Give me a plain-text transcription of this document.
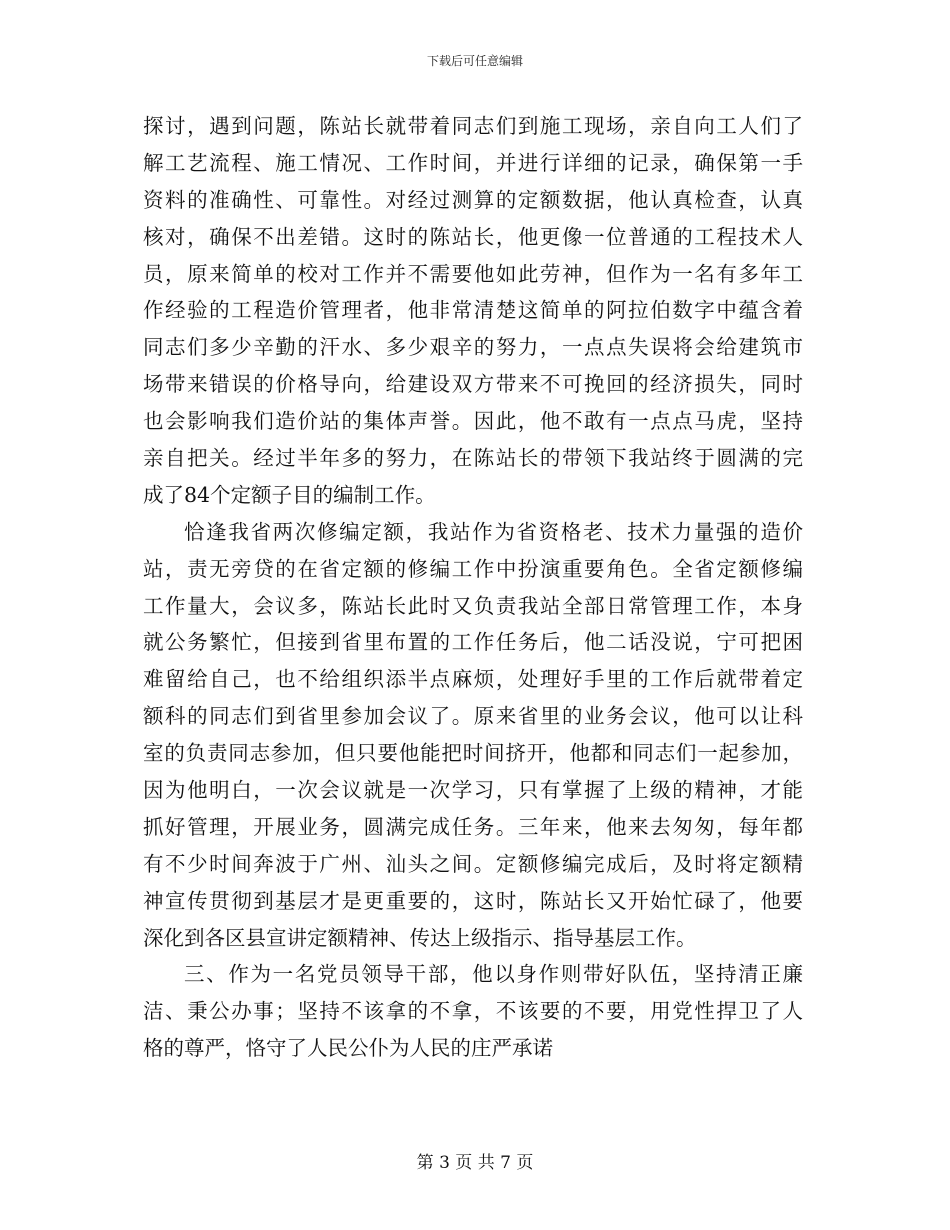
下载后可任意编辑
探讨，遇到问题，陈站长就带着同志们到施工现场，亲自向工人们了
解工艺流程、施工情况、工作时间，并进行详细的记录，确保第一手
资料的准确性、可靠性。对经过测算的定额数据，他认真检查，认真
核对，确保不出差错。这时的陈站长，他更像一位普通的工程技术人
员，原来简单的校对工作并不需要他如此劳神，但作为一名有多年工
作经验的工程造价管理者，他非常清楚这简单的阿拉伯数字中蕴含着
同志们多少辛勤的汗水、多少艰辛的努力，一点点失误将会给建筑市
场带来错误的价格导向，给建设双方带来不可挽回的经济损失，同时
也会影响我们造价站的集体声誉。因此，他不敢有一点点马虎，坚持
亲自把关。经过半年多的努力，在陈站长的带领下我站终于圆满的完
成了84个定额子目的编制工作。
恰逢我省两次修编定额，我站作为省资格老、技术力量强的造价
站，责无旁贷的在省定额的修编工作中扮演重要角色。全省定额修编
工作量大，会议多，陈站长此时又负责我站全部日常管理工作，本身
就公务繁忙，但接到省里布置的工作任务后，他二话没说，宁可把困
难留给自己，也不给组织添半点麻烦，处理好手里的工作后就带着定
额科的同志们到省里参加会议了。原来省里的业务会议，他可以让科
室的负责同志参加，但只要他能把时间挤开，他都和同志们一起参加，
因为他明白，一次会议就是一次学习，只有掌握了上级的精神，才能
抓好管理，开展业务，圆满完成任务。三年来，他来去匆匆，每年都
有不少时间奔波于广州、汕头之间。定额修编完成后，及时将定额精
神宣传贯彻到基层才是更重要的，这时，陈站长又开始忙碌了，他要
深化到各区县宣讲定额精神、传达上级指示、指导基层工作。
三、作为一名党员领导干部，他以身作则带好队伍，坚持清正廉
洁、秉公办事；坚持不该拿的不拿，不该要的不要，用党性捍卫了人
格的尊严，恪守了人民公仆为人民的庄严承诺
第 3 页 共 7 页
